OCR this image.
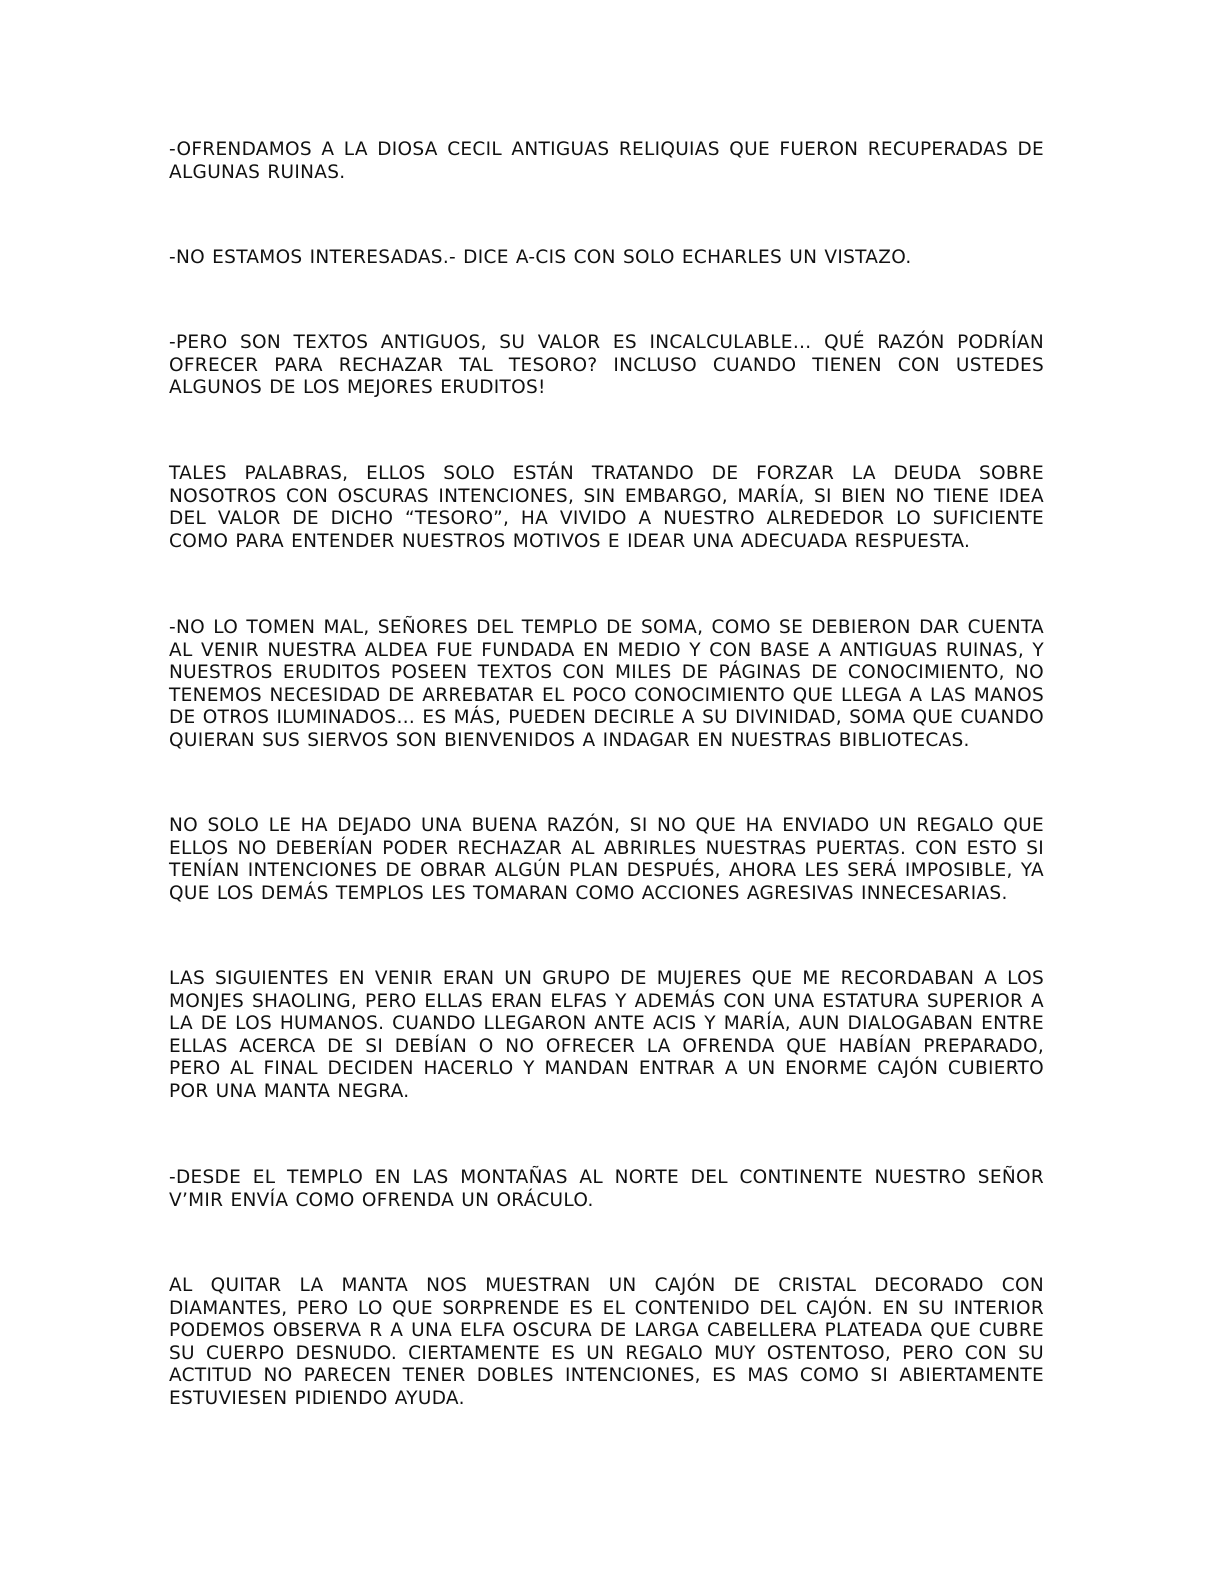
-OFRENDAMOS A LA DIOSA CECIL ANTIGUAS RELIQUIAS QUE FUERON RECUPERADAS DE ALGUNAS RUINAS.

-NO ESTAMOS INTERESADAS.- DICE A-CIS CON SOLO ECHARLES UN VISTAZO.

-PERO SON TEXTOS ANTIGUOS, SU VALOR ES INCALCULABLE… QUÉ RAZÓN PODRÍAN OFRECER PARA RECHAZAR TAL TESORO? INCLUSO CUANDO TIENEN CON USTEDES ALGUNOS DE LOS MEJORES ERUDITOS!

TALES PALABRAS, ELLOS SOLO ESTÁN TRATANDO DE FORZAR LA DEUDA SOBRE NOSOTROS CON OSCURAS INTENCIONES, SIN EMBARGO, MARÍA, SI BIEN NO TIENE IDEA DEL VALOR DE DICHO “TESORO”, HA VIVIDO A NUESTRO ALREDEDOR LO SUFICIENTE COMO PARA ENTENDER NUESTROS MOTIVOS E IDEAR UNA ADECUADA RESPUESTA.

-NO LO TOMEN MAL, SEÑORES DEL TEMPLO DE SOMA, COMO SE DEBIERON DAR CUENTA AL VENIR NUESTRA ALDEA FUE FUNDADA EN MEDIO Y CON BASE A ANTIGUAS RUINAS, Y NUESTROS ERUDITOS POSEEN TEXTOS CON MILES DE PÁGINAS DE CONOCIMIENTO, NO TENEMOS NECESIDAD DE ARREBATAR EL POCO CONOCIMIENTO QUE LLEGA A LAS MANOS DE OTROS ILUMINADOS… ES MÁS, PUEDEN DECIRLE A SU DIVINIDAD, SOMA QUE CUANDO QUIERAN SUS SIERVOS SON BIENVENIDOS A INDAGAR EN NUESTRAS BIBLIOTECAS.

NO SOLO LE HA DEJADO UNA BUENA RAZÓN, SI NO QUE HA ENVIADO UN REGALO QUE ELLOS NO DEBERÍAN PODER RECHAZAR AL ABRIRLES NUESTRAS PUERTAS. CON ESTO SI TENÍAN INTENCIONES DE OBRAR ALGÚN PLAN DESPUÉS, AHORA LES SERÁ IMPOSIBLE, YA QUE LOS DEMÁS TEMPLOS LES TOMARAN COMO ACCIONES AGRESIVAS INNECESARIAS.

LAS SIGUIENTES EN VENIR ERAN UN GRUPO DE MUJERES QUE ME RECORDABAN A LOS MONJES SHAOLING, PERO ELLAS ERAN ELFAS Y ADEMÁS CON UNA ESTATURA SUPERIOR A LA DE LOS HUMANOS. CUANDO LLEGARON ANTE ACIS Y MARÍA, AUN DIALOGABAN ENTRE ELLAS ACERCA DE SI DEBÍAN O NO OFRECER LA OFRENDA QUE HABÍAN PREPARADO, PERO AL FINAL DECIDEN HACERLO Y MANDAN ENTRAR A UN ENORME CAJÓN CUBIERTO POR UNA MANTA NEGRA.

-DESDE EL TEMPLO EN LAS MONTAÑAS AL NORTE DEL CONTINENTE NUESTRO SEÑOR V’MIR ENVÍA COMO OFRENDA UN ORÁCULO.

AL QUITAR LA MANTA NOS MUESTRAN UN CAJÓN DE CRISTAL DECORADO CON DIAMANTES, PERO LO QUE SORPRENDE ES EL CONTENIDO DEL CAJÓN. EN SU INTERIOR PODEMOS OBSERVA R A UNA ELFA OSCURA DE LARGA CABELLERA PLATEADA QUE CUBRE SU CUERPO DESNUDO. CIERTAMENTE ES UN REGALO MUY OSTENTOSO, PERO CON SU ACTITUD NO PARECEN TENER DOBLES INTENCIONES, ES MAS COMO SI ABIERTAMENTE ESTUVIESEN PIDIENDO AYUDA.
